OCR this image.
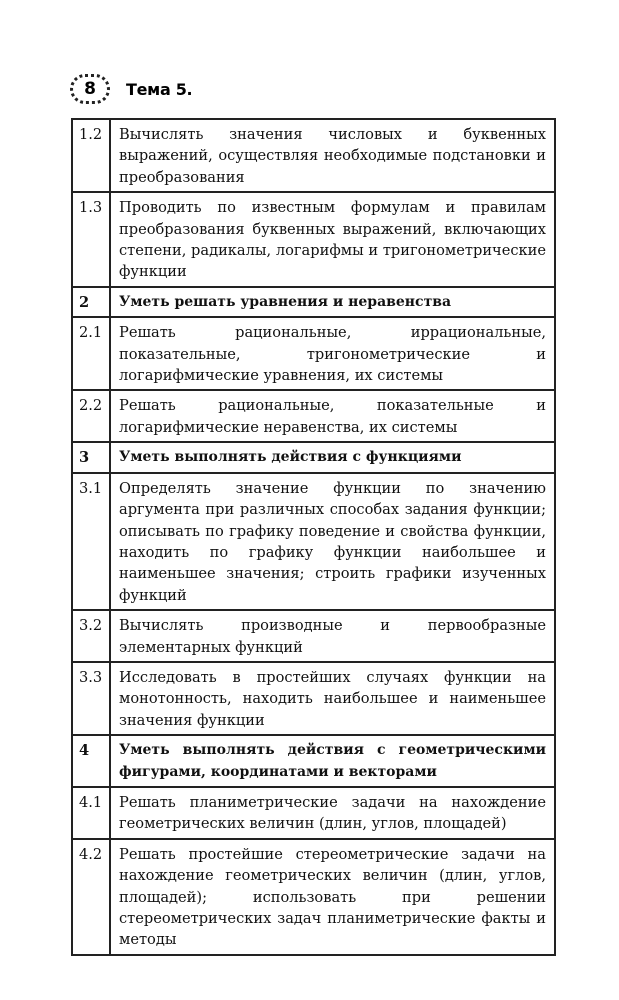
8	Тема 5.
1.2	Вычислять значения числовых и буквенных выражений, осуществляя необходимые подстановки и преобразования
1.3	Проводить по известным формулам и правилам преобразования буквенных выражений, включающих степени, радикалы, логарифмы и тригонометрические функции
2	Уметь решать уравнения и неравенства
2.1	Решать рациональные, иррациональные, показательные, тригонометрические и логарифмические уравнения, их системы
2.2	Решать рациональные, показательные и логарифмические неравенства, их системы
3	Уметь выполнять действия с функциями
3.1	Определять значение функции по значению аргумента при различных способах задания функции; описывать по графику поведение и свойства функции, находить по графику функции наибольшее и наименьшее значения; строить графики изученных функций
3.2	Вычислять производные и первообразные элементарных функций
3.3	Исследовать в простейших случаях функции на монотонность, находить наибольшее и наименьшее значения функции
4	Уметь выполнять действия с геометрическими фигурами, координатами и векторами
4.1	Решать планиметрические задачи на нахождение геометрических величин (длин, углов, площадей)
4.2	Решать простейшие стереометрические задачи на нахождение геометрических величин (длин, углов, площадей); использовать при решении стереометрических задач планиметрические факты и методы
